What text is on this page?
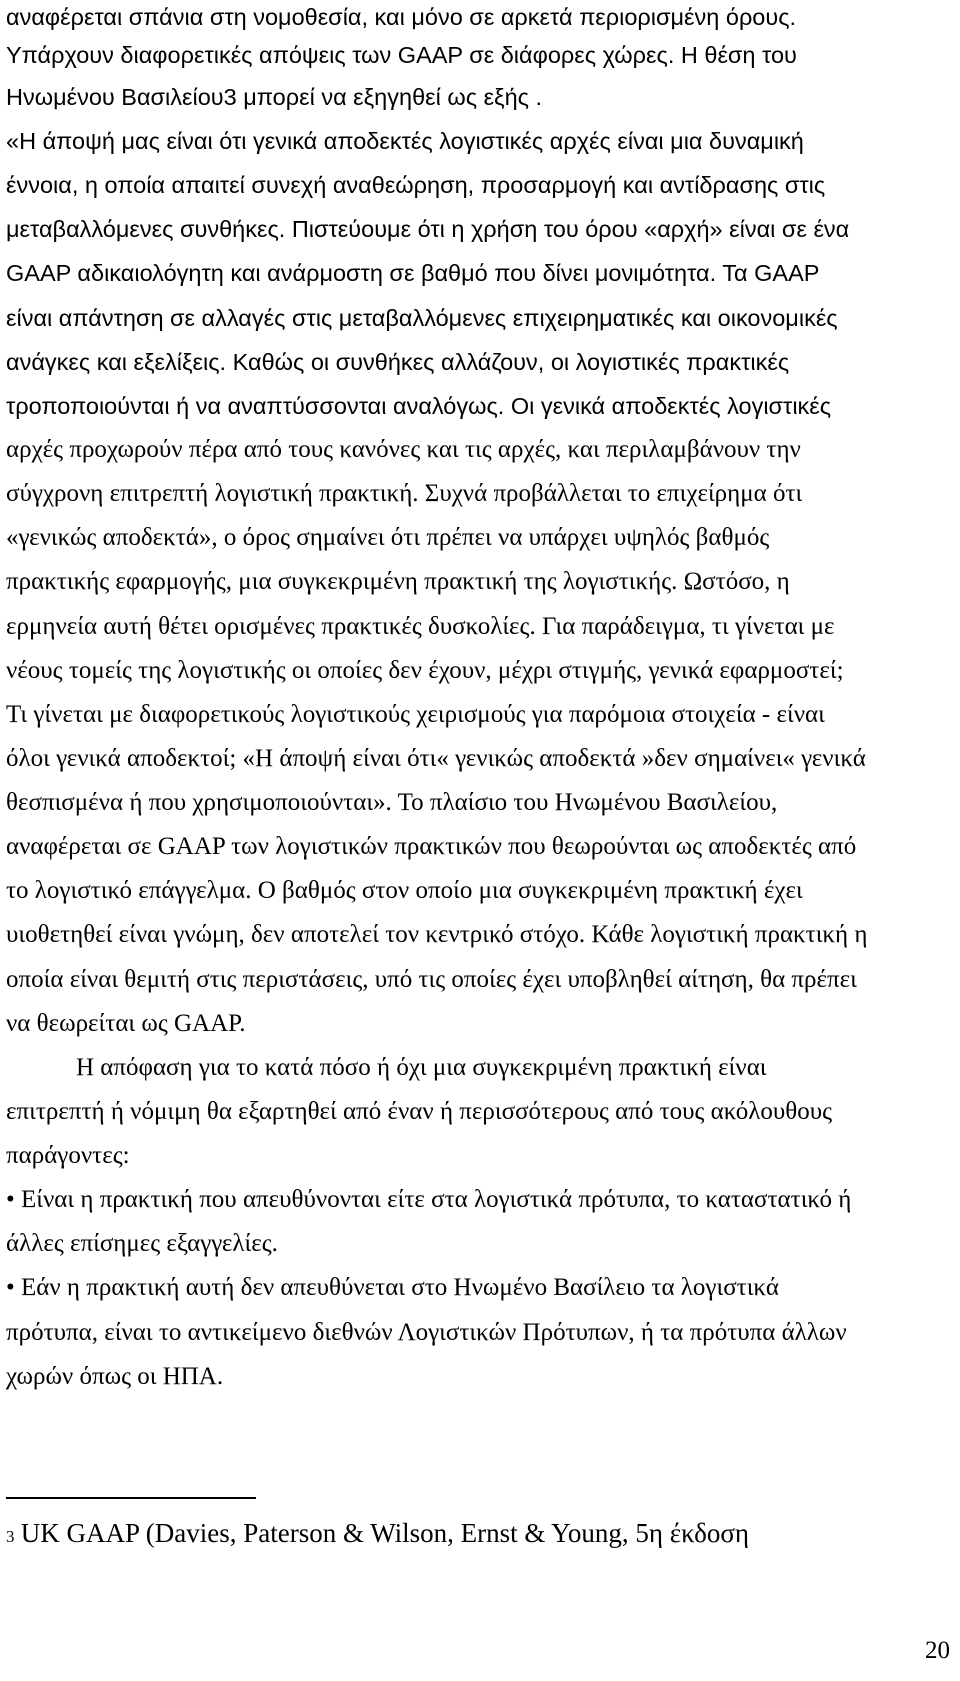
αναφέρεται σπάνια στη νομοθεσία, και μόνο σε αρκετά περιορισμένη όρους.
Υπάρχουν διαφορετικές απόψεις των GAAP σε διάφορες χώρες. Η θέση του
Ηνωμένου Βασιλείου3 μπορεί να εξηγηθεί ως εξής .
«Η άποψή μας είναι ότι γενικά αποδεκτές λογιστικές αρχές είναι μια δυναμική
έννοια, η οποία απαιτεί συνεχή αναθεώρηση, προσαρμογή και αντίδρασης στις
μεταβαλλόμενες συνθήκες. Πιστεύουμε ότι η χρήση του όρου «αρχή» είναι σε ένα
GAAP αδικαιολόγητη και ανάρμοστη σε βαθμό που δίνει μονιμότητα. Τα GAAP
είναι απάντηση σε αλλαγές στις μεταβαλλόμενες επιχειρηματικές και οικονομικές
ανάγκες και εξελίξεις. Καθώς οι συνθήκες αλλάζουν, οι λογιστικές πρακτικές
τροποποιούνται ή να αναπτύσσονται αναλόγως. Οι γενικά αποδεκτές λογιστικές
αρχές προχωρούν πέρα από τους κανόνες και τις αρχές, και περιλαμβάνουν την
σύγχρονη επιτρεπτή λογιστική πρακτική. Συχνά προβάλλεται το επιχείρημα ότι
«γενικώς αποδεκτά», ο όρος σημαίνει ότι πρέπει να υπάρχει υψηλός βαθμός
πρακτικής εφαρμογής, μια συγκεκριμένη πρακτική της λογιστικής. Ωστόσο, η
ερμηνεία αυτή θέτει ορισμένες πρακτικές δυσκολίες. Για παράδειγμα, τι γίνεται με
νέους τομείς της λογιστικής οι οποίες δεν έχουν, μέχρι στιγμής, γενικά εφαρμοστεί;
Τι γίνεται με διαφορετικούς λογιστικούς χειρισμούς για παρόμοια στοιχεία - είναι
όλοι γενικά αποδεκτοί; «Η άποψή είναι ότι« γενικώς αποδεκτά »δεν σημαίνει« γενικά
θεσπισμένα ή που χρησιμοποιούνται». Το πλαίσιο του Ηνωμένου Βασιλείου,
αναφέρεται σε GAAP των λογιστικών πρακτικών που θεωρούνται ως αποδεκτές από
το λογιστικό επάγγελμα. Ο βαθμός στον οποίο μια συγκεκριμένη πρακτική έχει
υιοθετηθεί είναι γνώμη, δεν αποτελεί τον κεντρικό στόχο. Κάθε λογιστική πρακτική η
οποία είναι θεμιτή στις περιστάσεις, υπό τις οποίες έχει υποβληθεί αίτηση, θα πρέπει
να θεωρείται ως GAAP.
Η απόφαση για το κατά πόσο ή όχι μια συγκεκριμένη πρακτική είναι
επιτρεπτή ή νόμιμη θα εξαρτηθεί από έναν ή περισσότερους από τους ακόλουθους
παράγοντες:
• Είναι η πρακτική που απευθύνονται είτε στα λογιστικά πρότυπα, το καταστατικό ή
άλλες επίσημες εξαγγελίες.
• Εάν η πρακτική αυτή δεν απευθύνεται στο Ηνωμένο Βασίλειο τα λογιστικά
πρότυπα, είναι το αντικείμενο διεθνών Λογιστικών Πρότυπων, ή τα πρότυπα άλλων
χωρών όπως οι ΗΠΑ.
3 UK GAAP (Davies, Paterson & Wilson, Ernst & Young, 5η έκδοση
20
